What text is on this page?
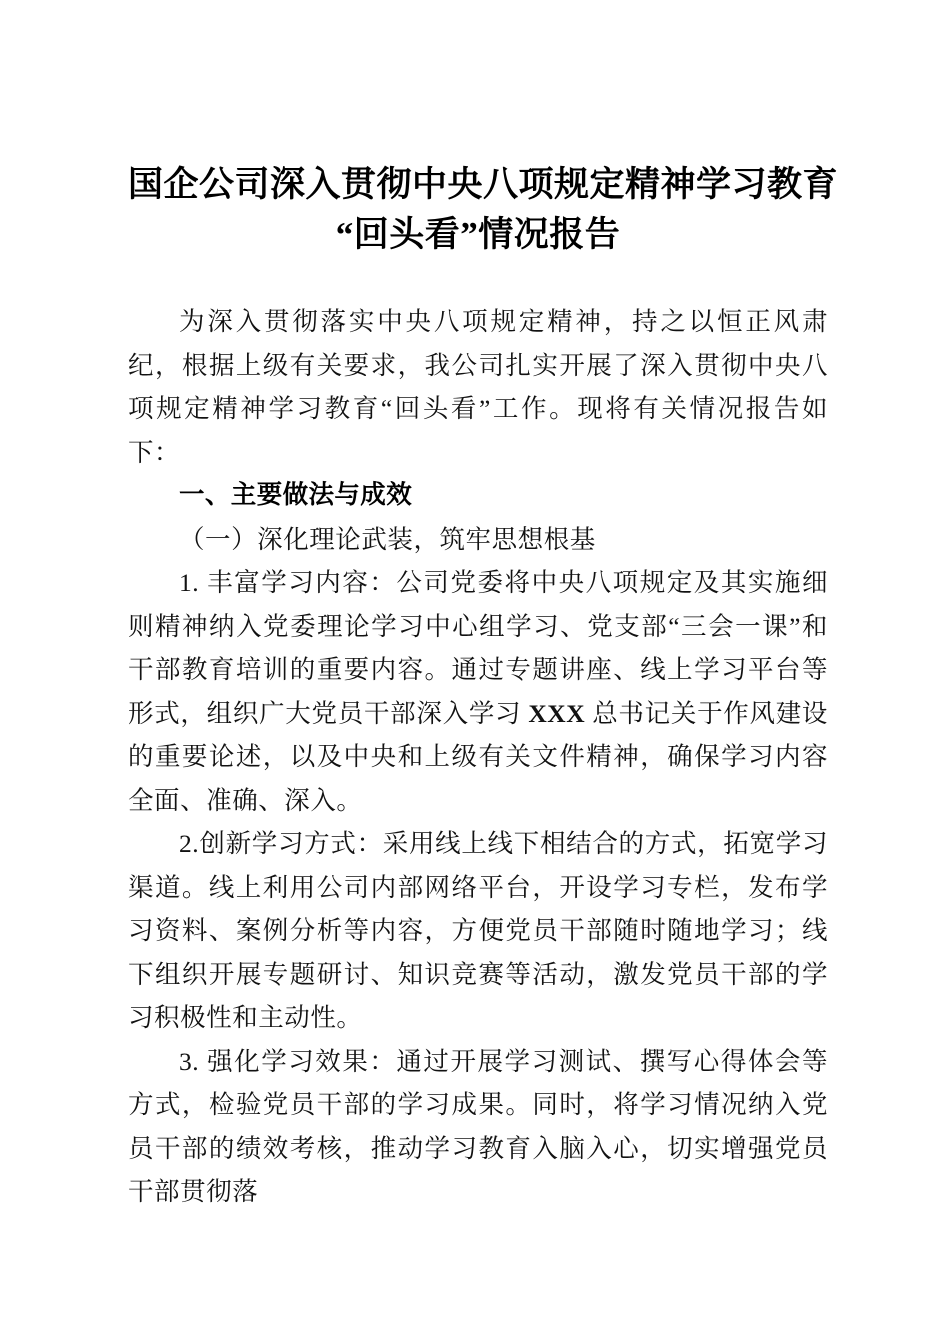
国企公司深入贯彻中央八项规定精神学习教育
“回头看”情况报告

为深入贯彻落实中央八项规定精神，持之以恒正风肃纪，根据上级有关要求，我公司扎实开展了深入贯彻中央八项规定精神学习教育“回头看”工作。现将有关情况报告如下：

一、主要做法与成效

（一）深化理论武装，筑牢思想根基

1. 丰富学习内容：公司党委将中央八项规定及其实施细则精神纳入党委理论学习中心组学习、党支部“三会一课”和干部教育培训的重要内容。通过专题讲座、线上学习平台等形式，组织广大党员干部深入学习 XXX 总书记关于作风建设的重要论述，以及中央和上级有关文件精神，确保学习内容全面、准确、深入。

2.创新学习方式：采用线上线下相结合的方式，拓宽学习渠道。线上利用公司内部网络平台，开设学习专栏，发布学习资料、案例分析等内容，方便党员干部随时随地学习；线下组织开展专题研讨、知识竞赛等活动，激发党员干部的学习积极性和主动性。

3. 强化学习效果：通过开展学习测试、撰写心得体会等方式，检验党员干部的学习成果。同时，将学习情况纳入党员干部的绩效考核，推动学习教育入脑入心，切实增强党员干部贯彻落
